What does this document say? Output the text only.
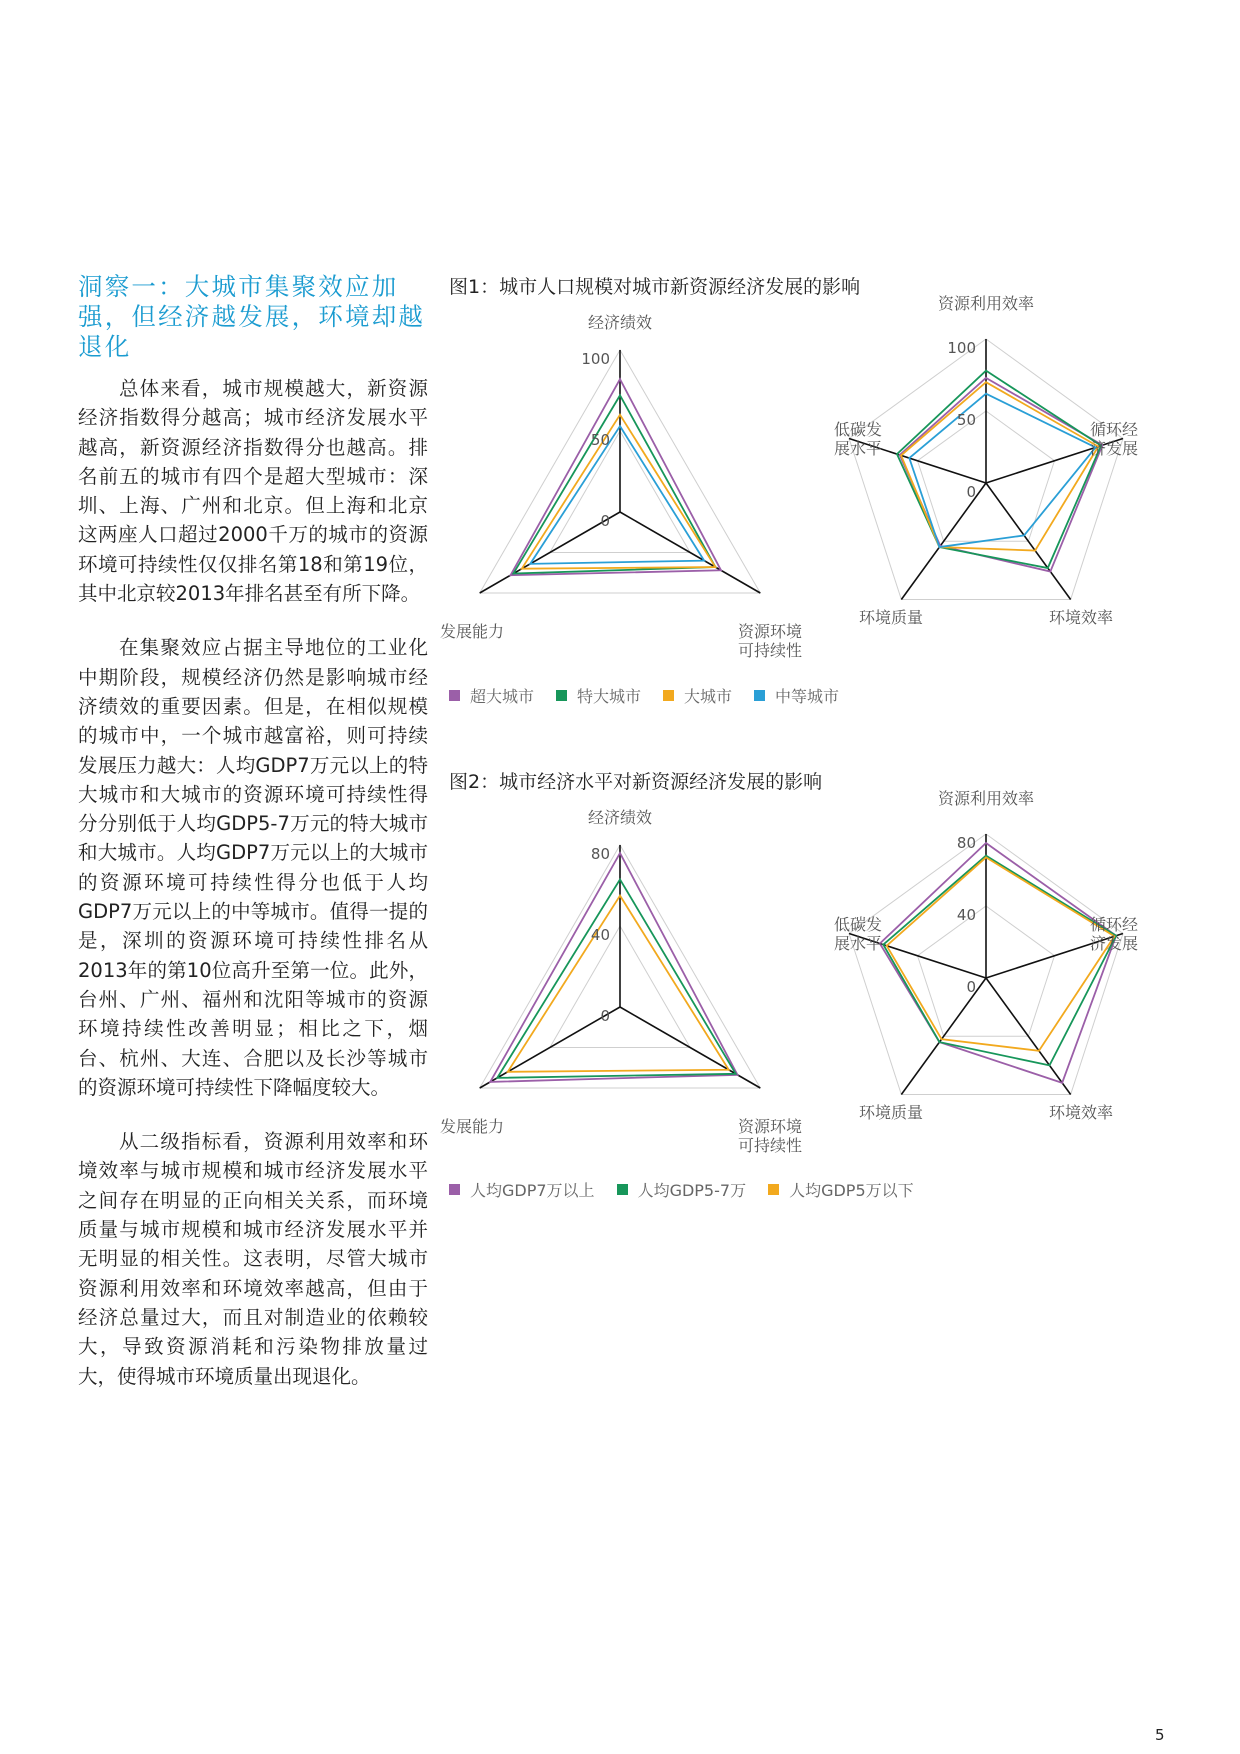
洞察一：大城市集聚效应加强，但经济越发展，环境却越退化

总体来看，城市规模越大，新资源经济指数得分越高；城市经济发展水平越高，新资源经济指数得分也越高。排名前五的城市有四个是超大型城市：深圳、上海、广州和北京。但上海和北京这两座人口超过2000千万的城市的资源环境可持续性仅仅排名第18和第19位，其中北京较2013年排名甚至有所下降。

在集聚效应占据主导地位的工业化中期阶段，规模经济仍然是影响城市经济绩效的重要因素。但是，在相似规模的城市中，一个城市越富裕，则可持续发展压力越大：人均GDP7万元以上的特大城市和大城市的资源环境可持续性得分分别低于人均GDP5-7万元的特大城市和大城市。人均GDP7万元以上的大城市的资源环境可持续性得分也低于人均GDP7万元以上的中等城市。值得一提的是，深圳的资源环境可持续性排名从2013年的第10位高升至第一位。此外，台州、广州、福州和沈阳等城市的资源环境持续性改善明显；相比之下，烟台、杭州、大连、合肥以及长沙等城市的资源环境可持续性下降幅度较大。

从二级指标看，资源利用效率和环境效率与城市规模和城市经济发展水平之间存在明显的正向相关关系，而环境质量与城市规模和城市经济发展水平并无明显的相关性。这表明，尽管大城市资源利用效率和环境效率越高，但由于经济总量过大，而且对制造业的依赖较大，导致资源消耗和污染物排放量过大，使得城市环境质量出现退化。

图1：城市人口规模对城市新资源经济发展的影响
100
50
0
经济绩效
资源环境可持续性
发展能力
100
50
0
资源利用效率
循环经济发展
环境效率
环境质量
低碳发展水平
超大城市	特大城市	大城市	中等城市
图2：城市经济水平对新资源经济发展的影响
80
40
0
经济绩效
资源环境可持续性
发展能力
80
40
0
资源利用效率
循环经济发展
环境效率
环境质量
低碳发展水平
人均GDP7万以上	人均GDP5-7万	人均GDP5万以下
5
